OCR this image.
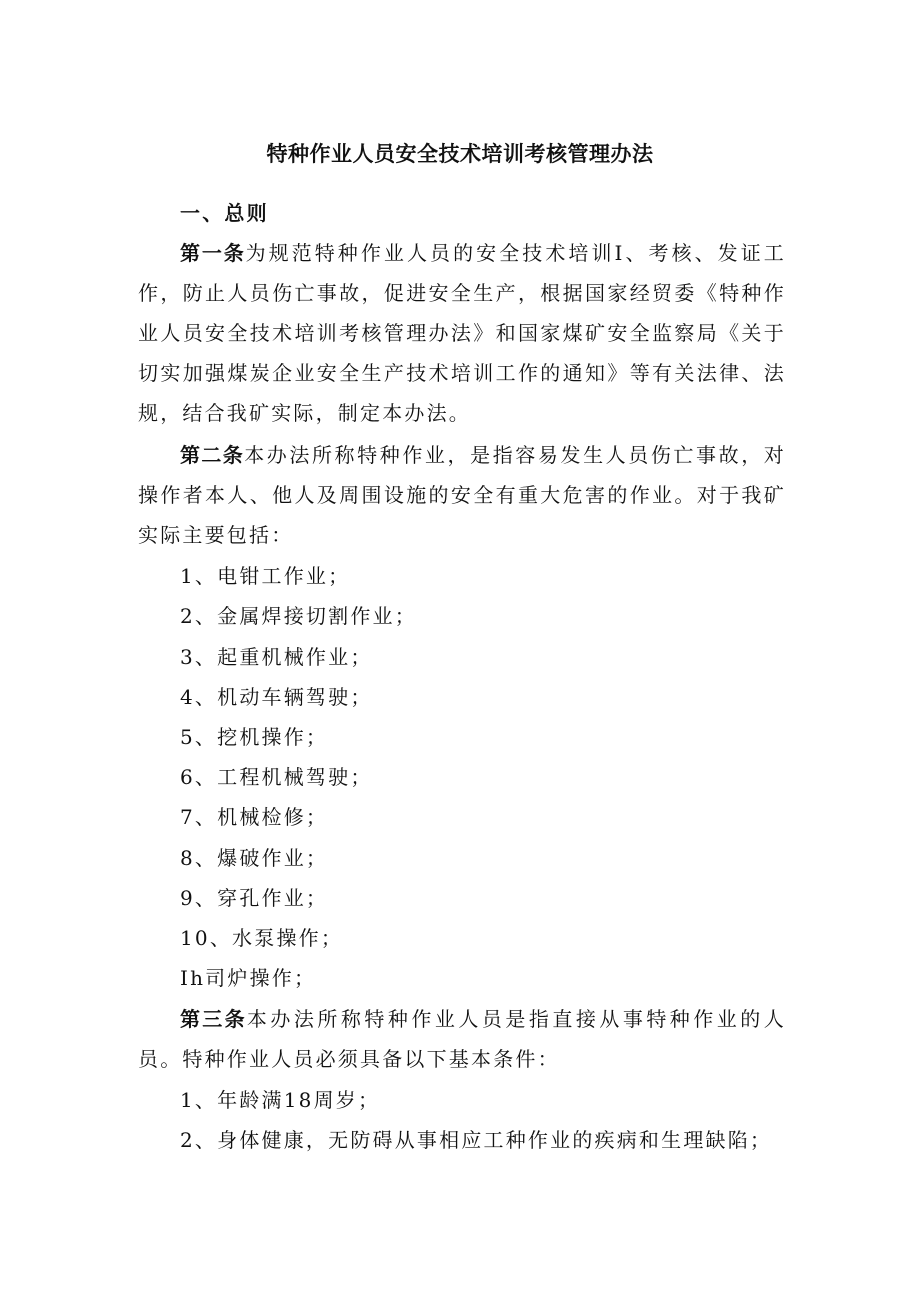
特种作业人员安全技术培训考核管理办法

一、总则

第一条为规范特种作业人员的安全技术培训I、考核、发证工作，防止人员伤亡事故，促进安全生产，根据国家经贸委《特种作业人员安全技术培训考核管理办法》和国家煤矿安全监察局《关于切实加强煤炭企业安全生产技术培训工作的通知》等有关法律、法规，结合我矿实际，制定本办法。

第二条本办法所称特种作业，是指容易发生人员伤亡事故，对操作者本人、他人及周围设施的安全有重大危害的作业。对于我矿实际主要包括：

1、电钳工作业；

2、金属焊接切割作业；

3、起重机械作业；

4、机动车辆驾驶；

5、挖机操作；

6、工程机械驾驶；

7、机械检修；

8、爆破作业；

9、穿孔作业；

10、水泵操作；

Ih司炉操作；

第三条本办法所称特种作业人员是指直接从事特种作业的人员。特种作业人员必须具备以下基本条件：

1、年龄满18周岁；

2、身体健康，无防碍从事相应工种作业的疾病和生理缺陷；
